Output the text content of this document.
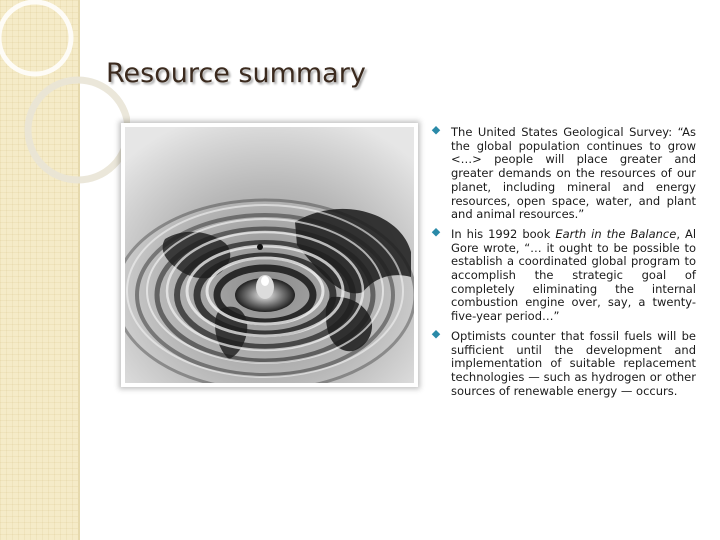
Resource summary
The United States Geological Survey: “As the global population continues to grow <…> people will place greater and greater demands on the resources of our planet, including mineral and energy resources, open space, water, and plant and animal resources.”
In his 1992 book Earth in the Balance, Al Gore wrote, “… it ought to be possible to establish a coordinated global program to accomplish the strategic goal of completely eliminating the internal combustion engine over, say, a twenty-five-year period…”
Optimists counter that fossil fuels will be sufficient until the development and implementation of suitable replacement technologies — such as hydrogen or other sources of renewable energy — occurs.
